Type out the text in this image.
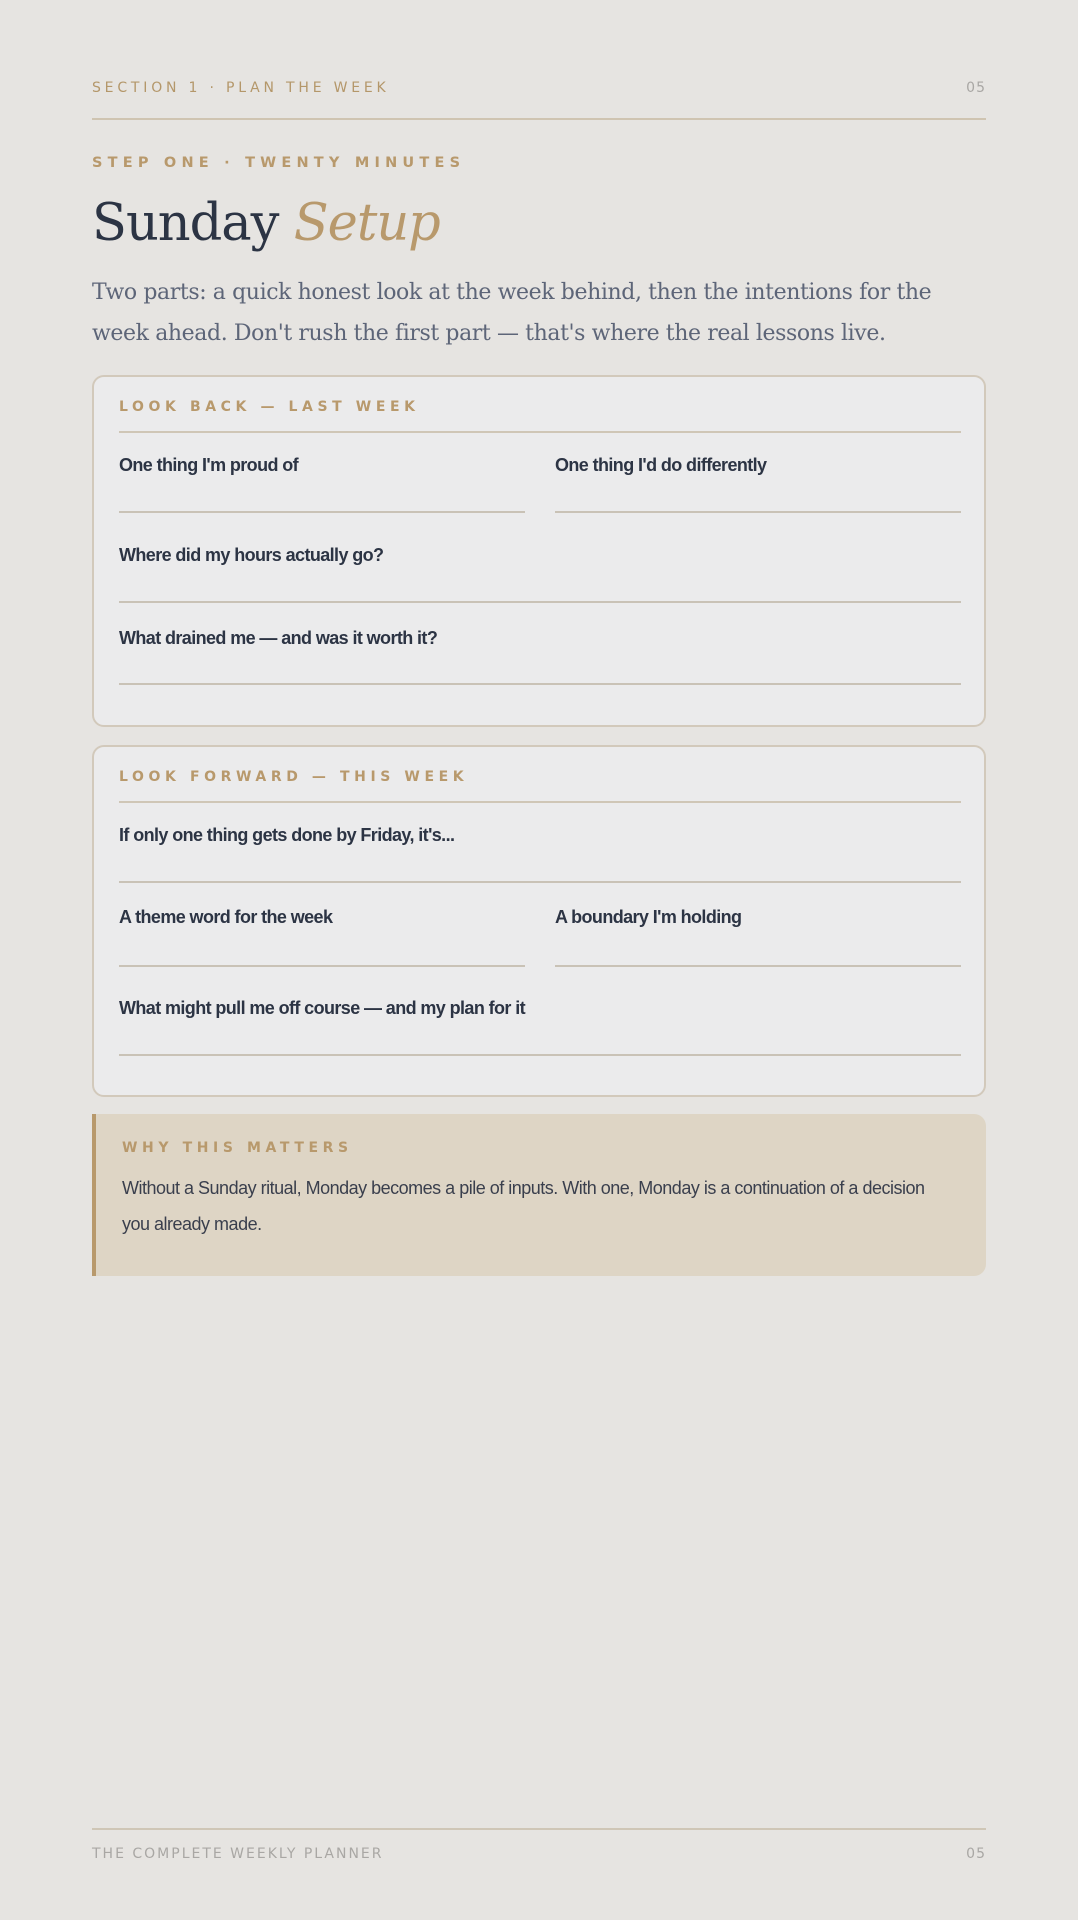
SECTION 1 · PLAN THE WEEK	05
STEP ONE · TWENTY MINUTES
Sunday Setup
Two parts: a quick honest look at the week behind, then the intentions for the week ahead. Don't rush the first part — that's where the real lessons live.
LOOK BACK — LAST WEEK
One thing I'm proud of	One thing I'd do differently
Where did my hours actually go?
What drained me — and was it worth it?
LOOK FORWARD — THIS WEEK
If only one thing gets done by Friday, it's...
A theme word for the week	A boundary I'm holding
What might pull me off course — and my plan for it
WHY THIS MATTERS
Without a Sunday ritual, Monday becomes a pile of inputs. With one, Monday is a continuation of a decision you already made.
THE COMPLETE WEEKLY PLANNER	05
